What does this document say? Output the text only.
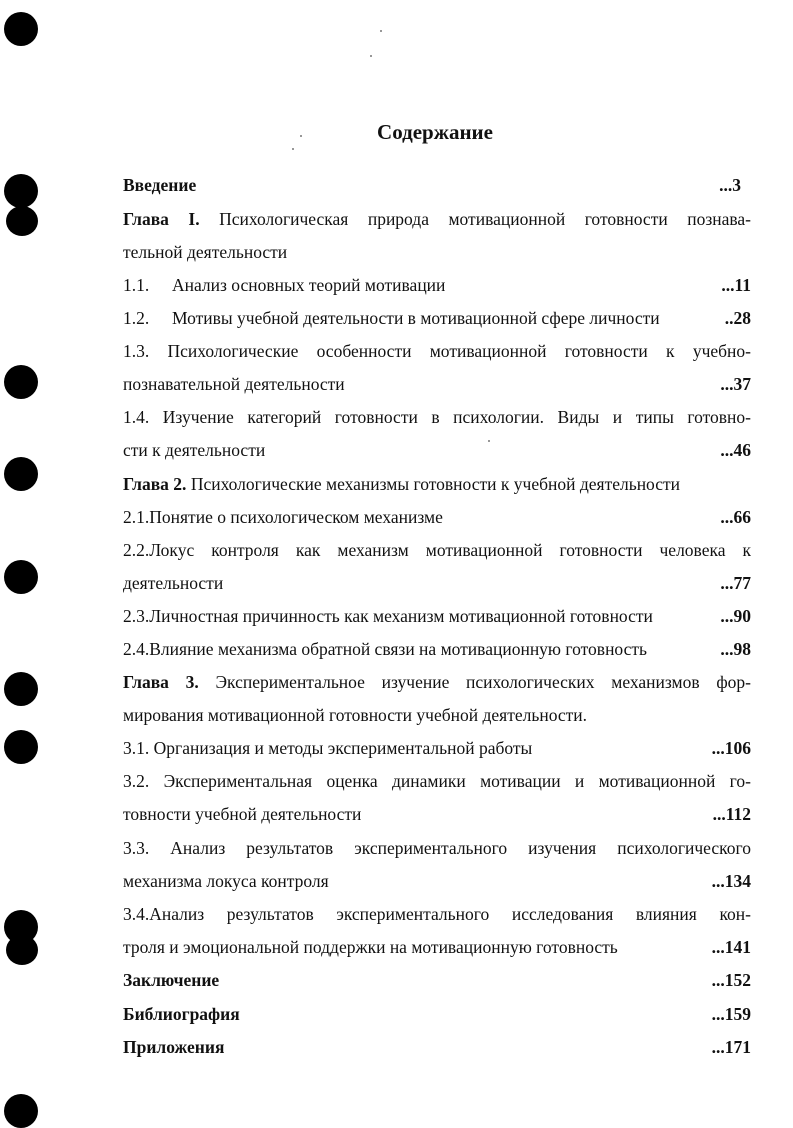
Содержание
Введение	...3
Глава I. Психологическая природа мотивационной готовности познава-
тельной деятельности
1.1. Анализ основных теорий мотивации	...11
1.2. Мотивы учебной деятельности в мотивационной сфере личности	..28
1.3. Психологические особенности мотивационной готовности к учебно-
познавательной деятельности	...37
1.4. Изучение категорий готовности в психологии. Виды и типы готовно-
сти к деятельности	...46
Глава 2. Психологические механизмы готовности к учебной деятельности
2.1.Понятие о психологическом механизме	...66
2.2.Локус контроля как механизм мотивационной готовности человека к
деятельности	...77
2.3.Личностная причинность как механизм мотивационной готовности	...90
2.4.Влияние механизма обратной связи на мотивационную готовность	...98
Глава 3. Экспериментальное изучение психологических механизмов фор-
мирования мотивационной готовности учебной деятельности.
3.1. Организация и методы экспериментальной работы	...106
3.2. Экспериментальная оценка динамики мотивации и мотивационной го-
товности учебной деятельности	...112
3.3. Анализ результатов экспериментального изучения психологического
механизма локуса контроля	...134
3.4.Анализ результатов экспериментального исследования влияния кон-
троля и эмоциональной поддержки на мотивационную готовность	...141
Заключение	...152
Библиография	...159
Приложения	...171
